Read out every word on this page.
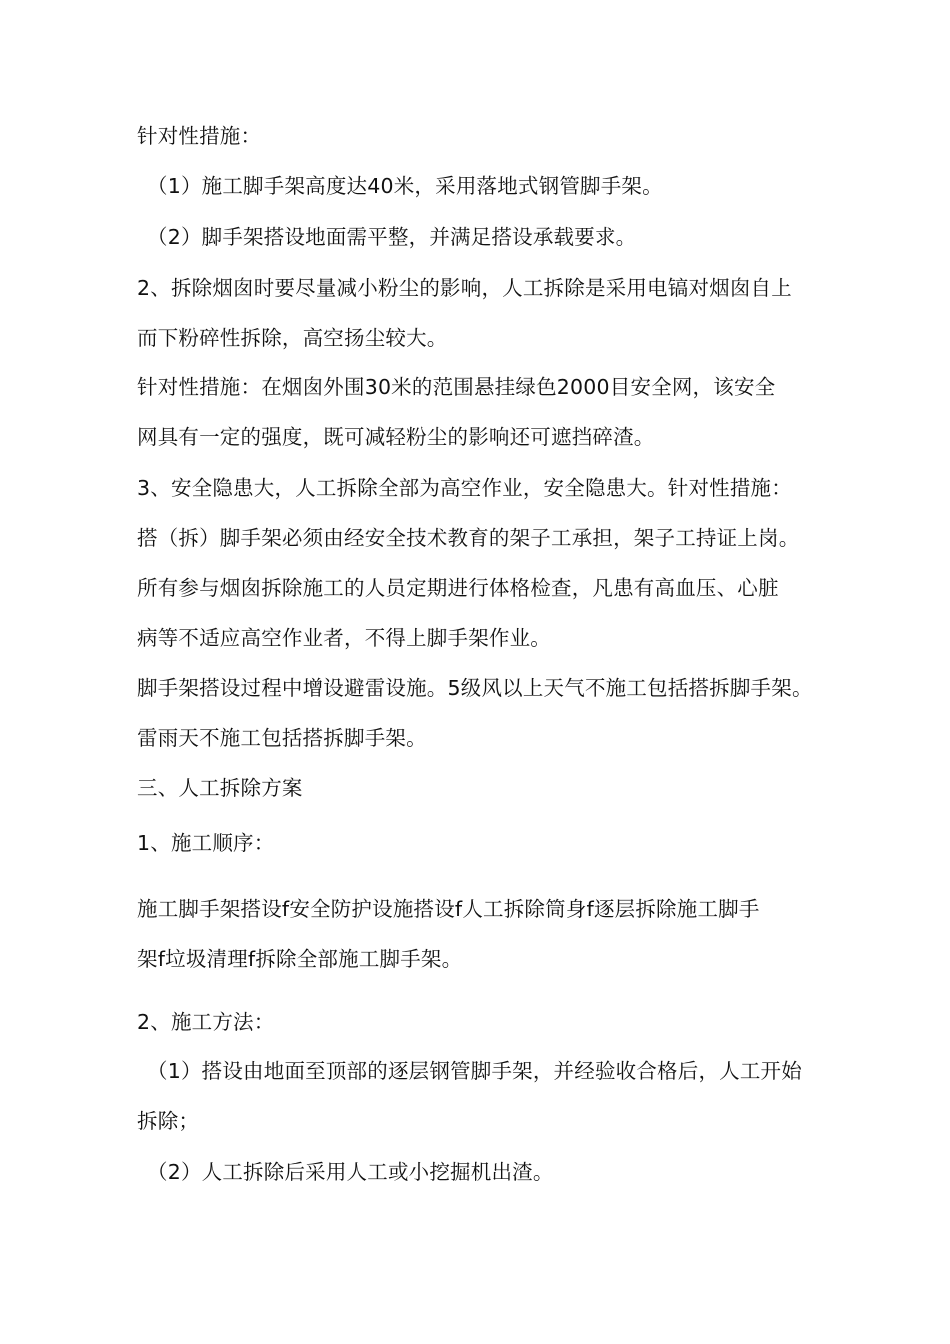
针对性措施：
（1）施工脚手架高度达40米，采用落地式钢管脚手架。
（2）脚手架搭设地面需平整，并满足搭设承载要求。
2、拆除烟囱时要尽量减小粉尘的影响，人工拆除是采用电镐对烟囱自上
而下粉碎性拆除，高空扬尘较大。
针对性措施：在烟囱外围30米的范围悬挂绿色2000目安全网，该安全
网具有一定的强度，既可减轻粉尘的影响还可遮挡碎渣。
3、安全隐患大，人工拆除全部为高空作业，安全隐患大。针对性措施：
搭（拆）脚手架必须由经安全技术教育的架子工承担，架子工持证上岗。
所有参与烟囱拆除施工的人员定期进行体格检查，凡患有高血压、心脏
病等不适应高空作业者，不得上脚手架作业。
脚手架搭设过程中增设避雷设施。5级风以上天气不施工包括搭拆脚手架。
雷雨天不施工包括搭拆脚手架。
三、人工拆除方案
1、施工顺序：
施工脚手架搭设f安全防护设施搭设f人工拆除筒身f逐层拆除施工脚手
架f垃圾清理f拆除全部施工脚手架。
2、施工方法：
（1）搭设由地面至顶部的逐层钢管脚手架，并经验收合格后，人工开始
拆除；
（2）人工拆除后采用人工或小挖掘机出渣。
